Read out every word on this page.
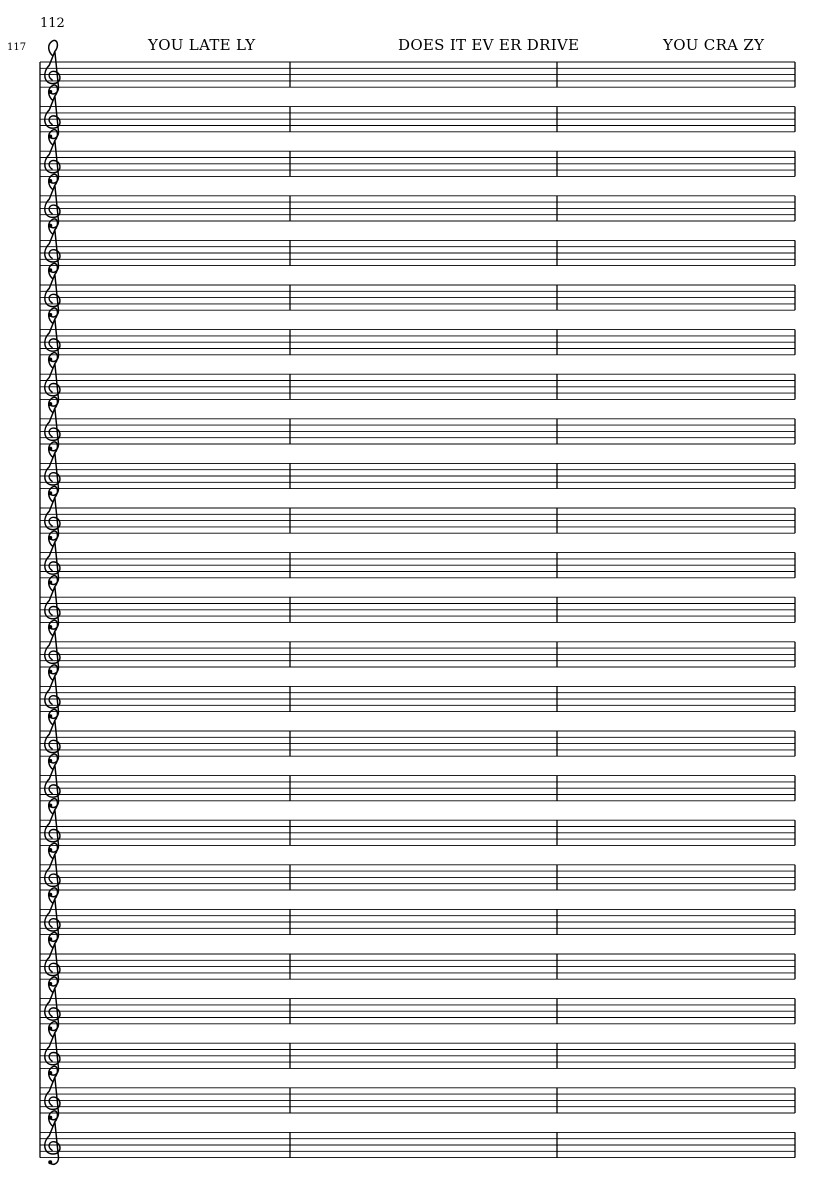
112
117	YOU LATE LY	DOES IT EV ER DRIVE	YOU CRA ZY
